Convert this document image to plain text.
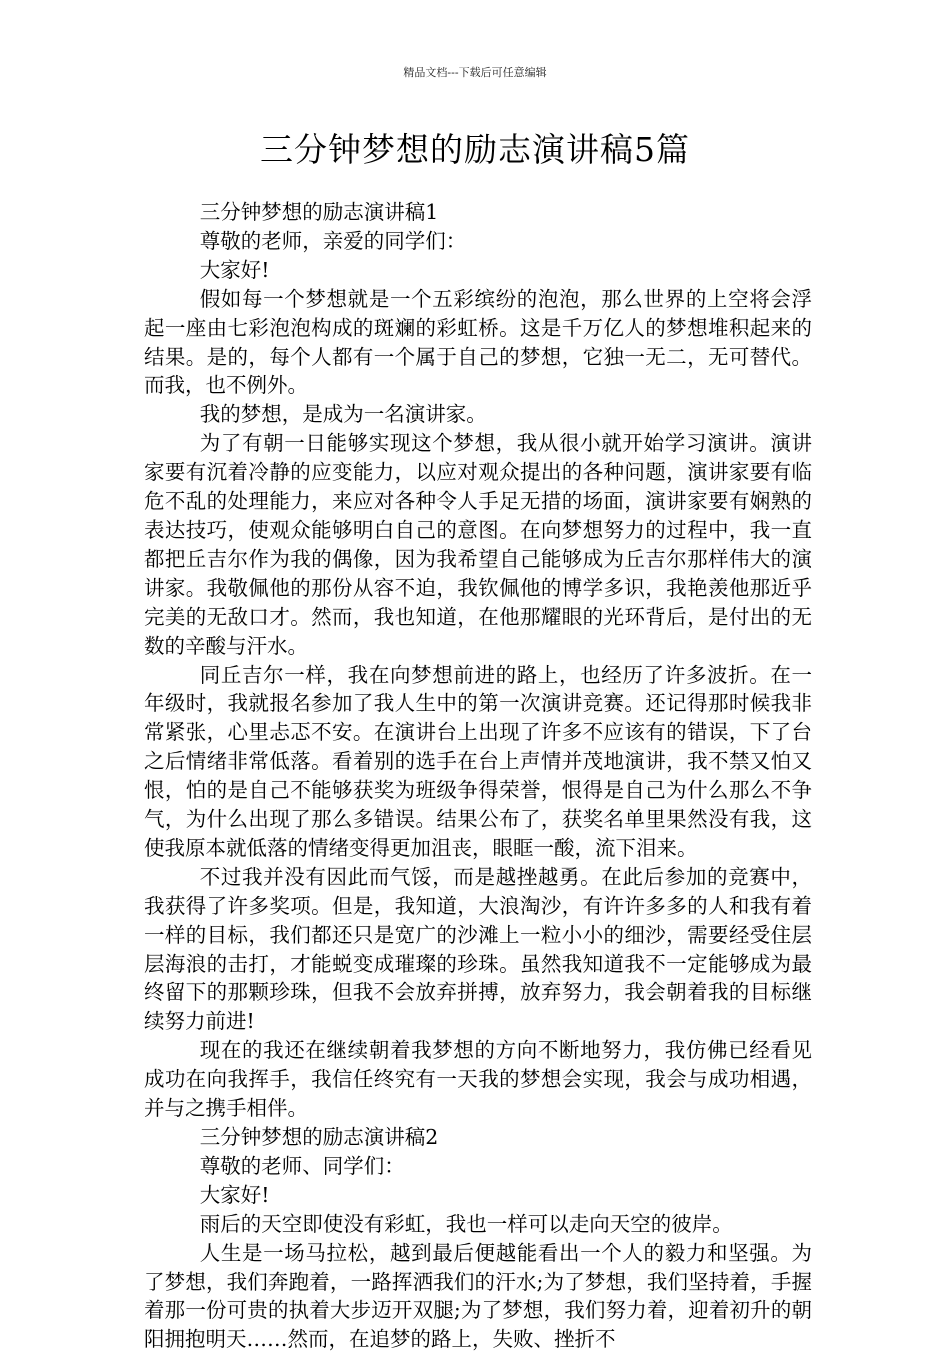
精品文档---下载后可任意编辑
三分钟梦想的励志演讲稿5篇

三分钟梦想的励志演讲稿1

尊敬的老师，亲爱的同学们：

大家好!

假如每一个梦想就是一个五彩缤纷的泡泡，那么世界的上空将会浮起一座由七彩泡泡构成的斑斓的彩虹桥。这是千万亿人的梦想堆积起来的结果。是的，每个人都有一个属于自己的梦想，它独一无二，无可替代。而我，也不例外。

我的梦想，是成为一名演讲家。

为了有朝一日能够实现这个梦想，我从很小就开始学习演讲。演讲家要有沉着冷静的应变能力，以应对观众提出的各种问题，演讲家要有临危不乱的处理能力，来应对各种令人手足无措的场面，演讲家要有娴熟的表达技巧，使观众能够明白自己的意图。在向梦想努力的过程中，我一直都把丘吉尔作为我的偶像，因为我希望自己能够成为丘吉尔那样伟大的演讲家。我敬佩他的那份从容不迫，我钦佩他的博学多识，我艳羡他那近乎完美的无敌口才。然而，我也知道，在他那耀眼的光环背后，是付出的无数的辛酸与汗水。

同丘吉尔一样，我在向梦想前进的路上，也经历了许多波折。在一年级时，我就报名参加了我人生中的第一次演讲竞赛。还记得那时候我非常紧张，心里忐忑不安。在演讲台上出现了许多不应该有的错误，下了台之后情绪非常低落。看着别的选手在台上声情并茂地演讲，我不禁又怕又恨，怕的是自己不能够获奖为班级争得荣誉，恨得是自己为什么那么不争气，为什么出现了那么多错误。结果公布了，获奖名单里果然没有我，这使我原本就低落的情绪变得更加沮丧，眼眶一酸，流下泪来。

不过我并没有因此而气馁，而是越挫越勇。在此后参加的竞赛中，我获得了许多奖项。但是，我知道，大浪淘沙，有许许多多的人和我有着一样的目标，我们都还只是宽广的沙滩上一粒小小的细沙，需要经受住层层海浪的击打，才能蜕变成璀璨的珍珠。虽然我知道我不一定能够成为最终留下的那颗珍珠，但我不会放弃拼搏，放弃努力，我会朝着我的目标继续努力前进!

现在的我还在继续朝着我梦想的方向不断地努力，我仿佛已经看见成功在向我挥手，我信任终究有一天我的梦想会实现，我会与成功相遇，并与之携手相伴。

三分钟梦想的励志演讲稿2

尊敬的老师、同学们：

大家好!

雨后的天空即使没有彩虹，我也一样可以走向天空的彼岸。

人生是一场马拉松，越到最后便越能看出一个人的毅力和坚强。为了梦想，我们奔跑着，一路挥洒我们的汗水;为了梦想，我们坚持着，手握着那一份可贵的执着大步迈开双腿;为了梦想，我们努力着，迎着初升的朝阳拥抱明天……然而，在追梦的路上，失败、挫折不
